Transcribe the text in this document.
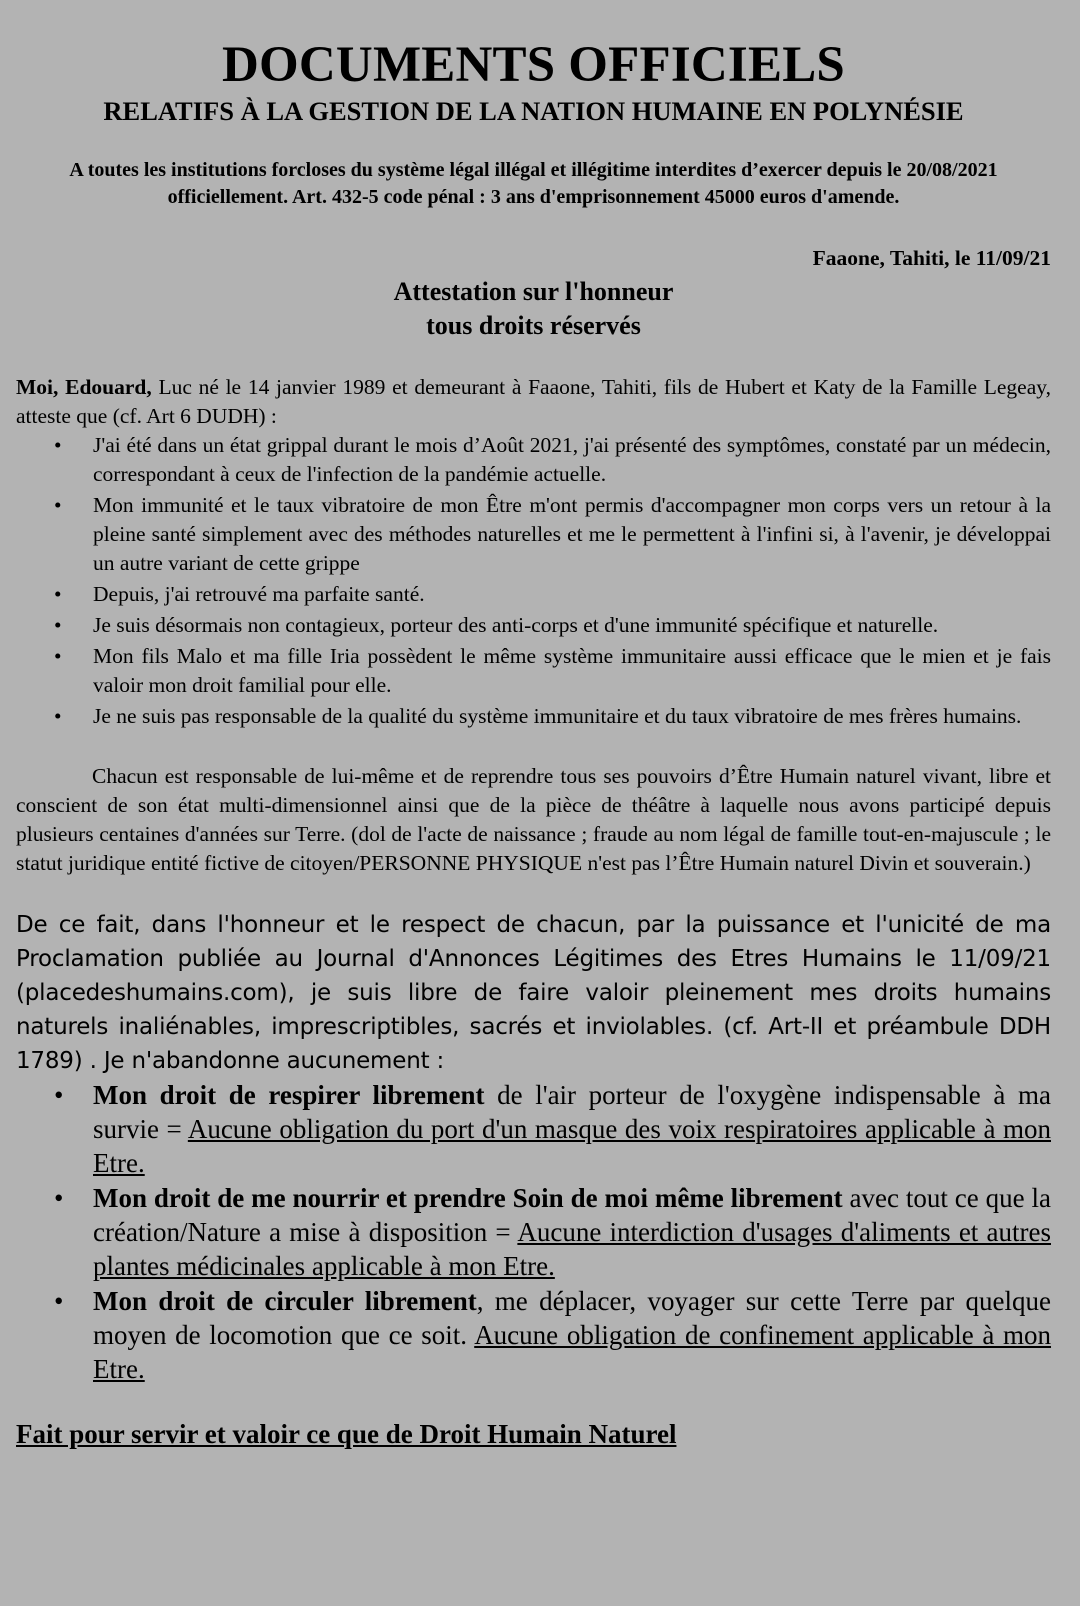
DOCUMENTS OFFICIELS
RELATIFS À LA GESTION DE LA NATION HUMAINE EN POLYNÉSIE
A toutes les institutions forcloses du système légal illégal et illégitime interdites d’exercer depuis le 20/08/2021 officiellement. Art. 432-5 code pénal : 3 ans d'emprisonnement 45000 euros d'amende.
Faaone, Tahiti, le 11/09/21
Attestation sur l'honneur
tous droits réservés
Moi, Edouard, Luc né le 14 janvier 1989 et demeurant à Faaone, Tahiti, fils de Hubert et Katy de la Famille Legeay, atteste que (cf. Art 6 DUDH) :
• J'ai été dans un état grippal durant le mois d’Août 2021, j'ai présenté des symptômes, constaté par un médecin, correspondant à ceux de l'infection de la pandémie actuelle.
• Mon immunité et le taux vibratoire de mon Être m'ont permis d'accompagner mon corps vers un retour à la pleine santé simplement avec des méthodes naturelles et me le permettent à l'infini si, à l'avenir, je développai un autre variant de cette grippe
• Depuis, j'ai retrouvé ma parfaite santé.
• Je suis désormais non contagieux, porteur des anti-corps et d'une immunité spécifique et naturelle.
• Mon fils Malo et ma fille Iria possèdent le même système immunitaire aussi efficace que le mien et je fais valoir mon droit familial pour elle.
• Je ne suis pas responsable de la qualité du système immunitaire et du taux vibratoire de mes frères humains.
Chacun est responsable de lui-même et de reprendre tous ses pouvoirs d’Être Humain naturel vivant, libre et conscient de son état multi-dimensionnel ainsi que de la pièce de théâtre à laquelle nous avons participé depuis plusieurs centaines d'années sur Terre. (dol de l'acte de naissance ; fraude au nom légal de famille tout-en-majuscule ; le statut juridique entité fictive de citoyen/PERSONNE PHYSIQUE n'est pas l’Être Humain naturel Divin et souverain.)
De ce fait, dans l'honneur et le respect de chacun, par la puissance et l'unicité de ma Proclamation publiée au Journal d'Annonces Légitimes des Etres Humains le 11/09/21 (placedeshumains.com), je suis libre de faire valoir pleinement mes droits humains naturels inaliénables, imprescriptibles, sacrés et inviolables. (cf. Art-II et préambule DDH 1789) . Je n'abandonne aucunement :
• Mon droit de respirer librement de l'air porteur de l'oxygène indispensable à ma survie = Aucune obligation du port d'un masque des voix respiratoires applicable à mon Etre.
• Mon droit de me nourrir et prendre Soin de moi même librement avec tout ce que la création/Nature a mise à disposition = Aucune interdiction d'usages d'aliments et autres plantes médicinales applicable à mon Etre.
• Mon droit de circuler librement, me déplacer, voyager sur cette Terre par quelque moyen de locomotion que ce soit. Aucune obligation de confinement applicable à mon Etre.
Fait pour servir et valoir ce que de Droit Humain Naturel
